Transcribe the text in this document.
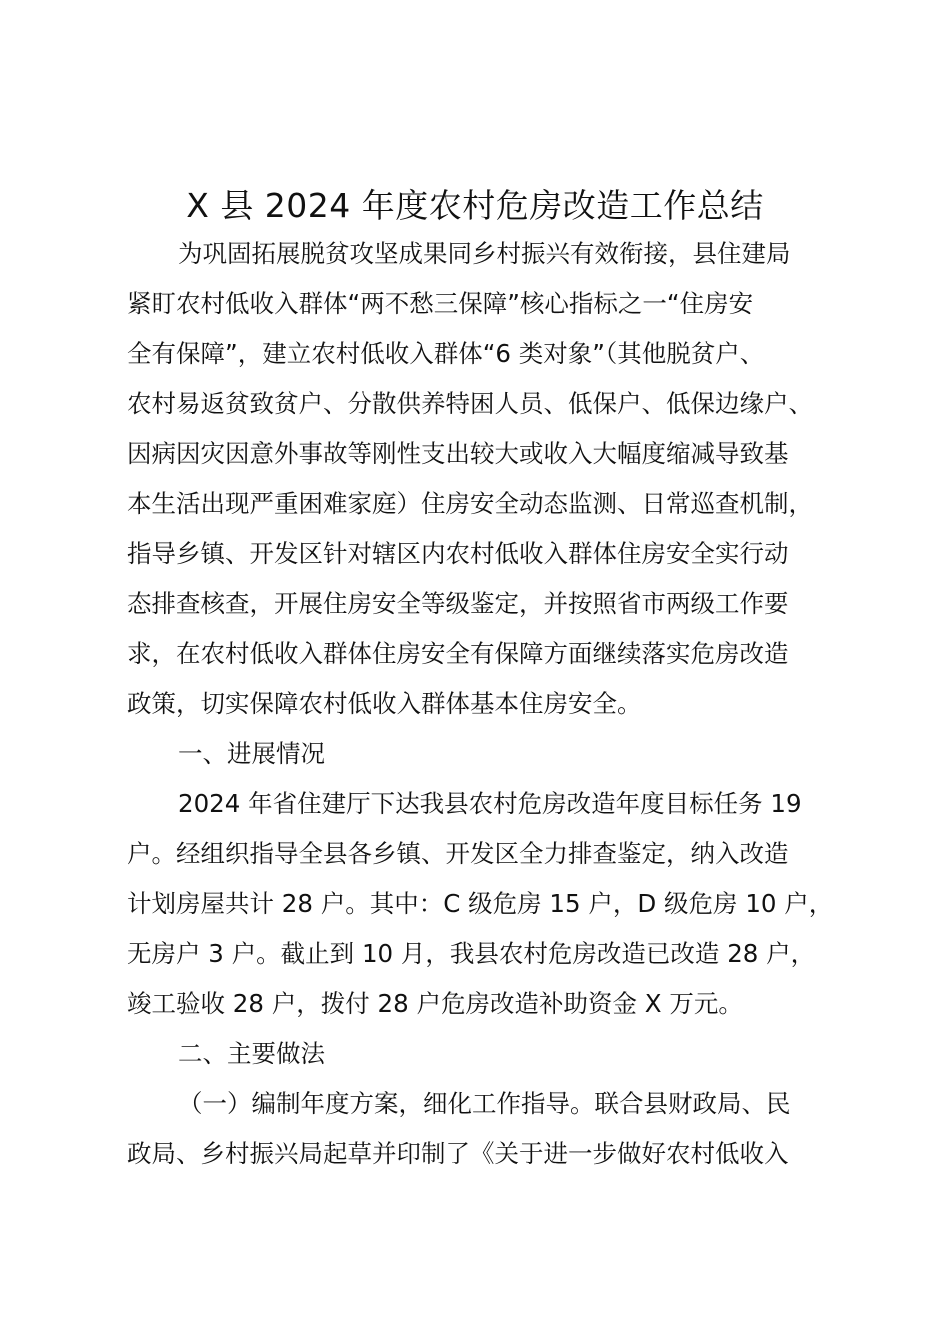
X 县 2024 年度农村危房改造工作总结
为巩固拓展脱贫攻坚成果同乡村振兴有效衔接，县住建局
紧盯农村低收入群体“两不愁三保障”核心指标之一“住房安
全有保障”，建立农村低收入群体“6 类对象”（其他脱贫户、
农村易返贫致贫户、分散供养特困人员、低保户、低保边缘户、
因病因灾因意外事故等刚性支出较大或收入大幅度缩减导致基
本生活出现严重困难家庭）住房安全动态监测、日常巡查机制，
指导乡镇、开发区针对辖区内农村低收入群体住房安全实行动
态排查核查，开展住房安全等级鉴定，并按照省市两级工作要
求，在农村低收入群体住房安全有保障方面继续落实危房改造
政策，切实保障农村低收入群体基本住房安全。
一、进展情况
2024 年省住建厅下达我县农村危房改造年度目标任务 19
户。经组织指导全县各乡镇、开发区全力排查鉴定，纳入改造
计划房屋共计 28 户。其中：C 级危房 15 户，D 级危房 10 户，
无房户 3 户。截止到 10 月，我县农村危房改造已改造 28 户，
竣工验收 28 户，拨付 28 户危房改造补助资金 X 万元。
二、主要做法
（一）编制年度方案，细化工作指导。联合县财政局、民
政局、乡村振兴局起草并印制了《关于进一步做好农村低收入
